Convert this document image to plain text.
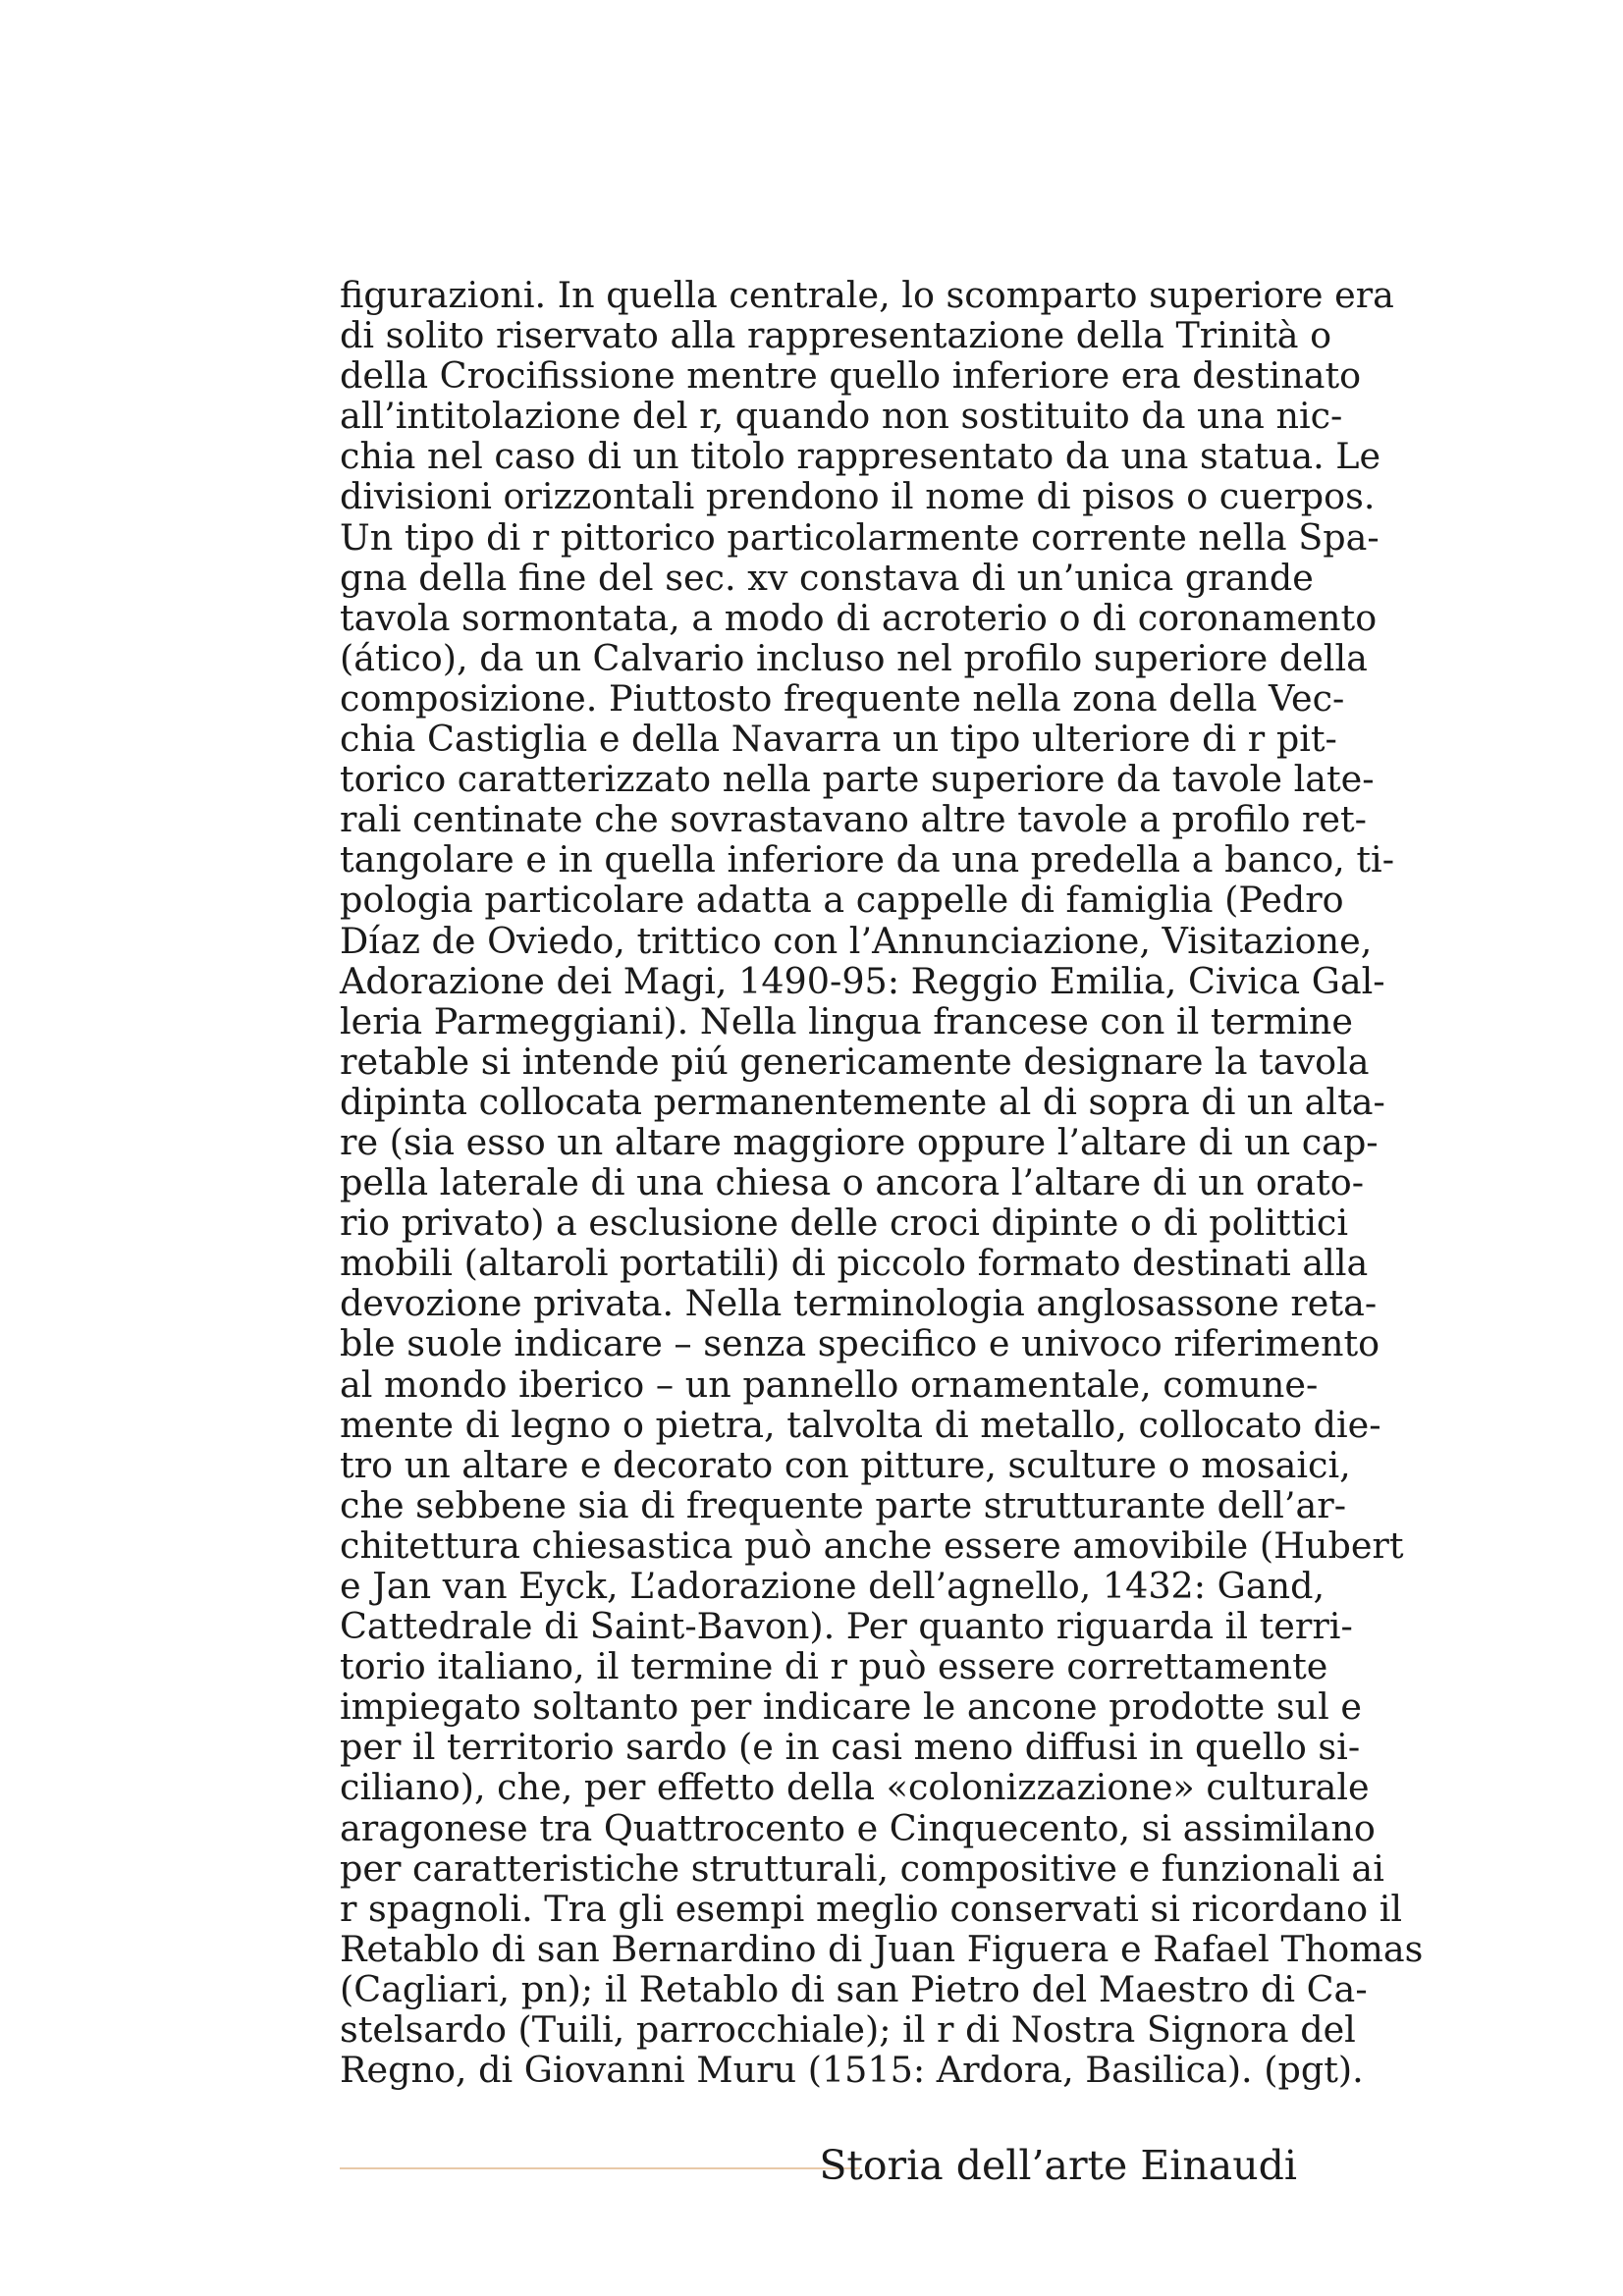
figurazioni. In quella centrale, lo scomparto superiore era
di solito riservato alla rappresentazione della Trinità o
della Crocifissione mentre quello inferiore era destinato
all’intitolazione del r, quando non sostituito da una nic-
chia nel caso di un titolo rappresentato da una statua. Le
divisioni orizzontali prendono il nome di pisos o cuerpos.
Un tipo di r pittorico particolarmente corrente nella Spa-
gna della fine del sec. xv constava di un’unica grande
tavola sormontata, a modo di acroterio o di coronamento
(ático), da un Calvario incluso nel profilo superiore della
composizione. Piuttosto frequente nella zona della Vec-
chia Castiglia e della Navarra un tipo ulteriore di r pit-
torico caratterizzato nella parte superiore da tavole late-
rali centinate che sovrastavano altre tavole a profilo ret-
tangolare e in quella inferiore da una predella a banco, ti-
pologia particolare adatta a cappelle di famiglia (Pedro
Díaz de Oviedo, trittico con l’Annunciazione, Visitazione,
Adorazione dei Magi, 1490-95: Reggio Emilia, Civica Gal-
leria Parmeggiani). Nella lingua francese con il termine
retable si intende piú genericamente designare la tavola
dipinta collocata permanentemente al di sopra di un alta-
re (sia esso un altare maggiore oppure l’altare di un cap-
pella laterale di una chiesa o ancora l’altare di un orato-
rio privato) a esclusione delle croci dipinte o di polittici
mobili (altaroli portatili) di piccolo formato destinati alla
devozione privata. Nella terminologia anglosassone reta-
ble suole indicare – senza specifico e univoco riferimento
al mondo iberico – un pannello ornamentale, comune-
mente di legno o pietra, talvolta di metallo, collocato die-
tro un altare e decorato con pitture, sculture o mosaici,
che sebbene sia di frequente parte strutturante dell’ar-
chitettura chiesastica può anche essere amovibile (Hubert
e Jan van Eyck, L’adorazione dell’agnello, 1432: Gand,
Cattedrale di Saint-Bavon). Per quanto riguarda il terri-
torio italiano, il termine di r può essere correttamente
impiegato soltanto per indicare le ancone prodotte sul e
per il territorio sardo (e in casi meno diffusi in quello si-
ciliano), che, per effetto della «colonizzazione» culturale
aragonese tra Quattrocento e Cinquecento, si assimilano
per caratteristiche strutturali, compositive e funzionali ai
r spagnoli. Tra gli esempi meglio conservati si ricordano il
Retablo di san Bernardino di Juan Figuera e Rafael Thomas
(Cagliari, pn); il Retablo di san Pietro del Maestro di Ca-
stelsardo (Tuili, parrocchiale); il r di Nostra Signora del
Regno, di Giovanni Muru (1515: Ardora, Basilica). (pgt).
Storia dell’arte Einaudi
